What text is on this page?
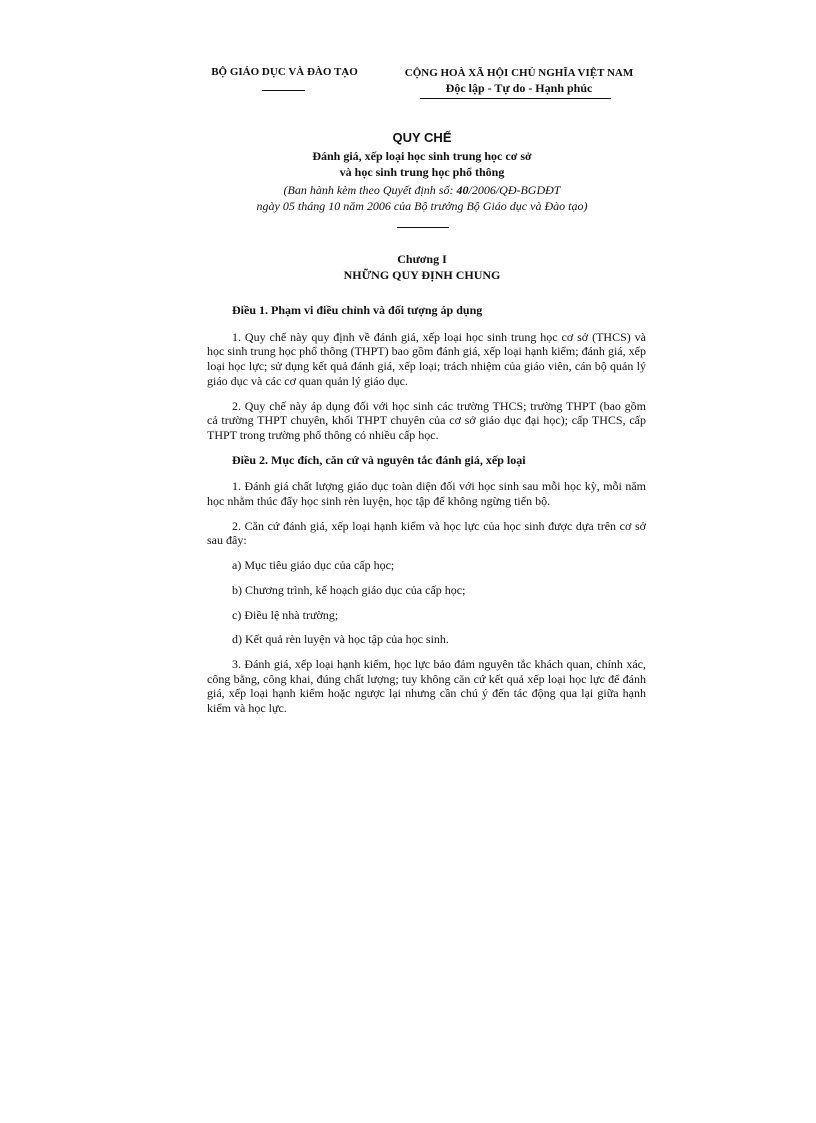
BỘ GIÁO DỤC VÀ ĐÀO TẠO	CỘNG HOÀ XÃ HỘI CHỦ NGHĨA VIỆT NAM
Độc lập - Tự do - Hạnh phúc
QUY CHẾ
Đánh giá, xếp loại học sinh trung học cơ sở
và học sinh trung học phổ thông
(Ban hành kèm theo Quyết định số: 40/2006/QĐ-BGDĐT
ngày 05 tháng 10 năm 2006 của Bộ trưởng Bộ Giáo dục và Đào tạo)
Chương I
NHỮNG QUY ĐỊNH CHUNG

Điều 1. Phạm vi điều chỉnh và đối tượng áp dụng

1. Quy chế này quy định về đánh giá, xếp loại học sinh trung học cơ sở (THCS) và học sinh trung học phổ thông (THPT) bao gồm đánh giá, xếp loại hạnh kiểm; đánh giá, xếp loại học lực; sử dụng kết quả đánh giá, xếp loại; trách nhiệm của giáo viên, cán bộ quản lý giáo dục và các cơ quan quản lý giáo dục.

2. Quy chế này áp dụng đối với học sinh các trường THCS; trường THPT (bao gồm cả trường THPT chuyên, khối THPT chuyên của cơ sở giáo dục đại học); cấp THCS, cấp THPT trong trường phổ thông có nhiều cấp học.

Điều 2. Mục đích, căn cứ và nguyên tắc đánh giá, xếp loại

1. Đánh giá chất lượng giáo dục toàn diện đối với học sinh sau mỗi học kỳ, mỗi năm học nhằm thúc đẩy học sinh rèn luyện, học tập để không ngừng tiến bộ.

2. Căn cứ đánh giá, xếp loại hạnh kiểm và học lực của học sinh được dựa trên cơ sở sau đây:

a) Mục tiêu giáo dục của cấp học;

b) Chương trình, kế hoạch giáo dục của cấp học;

c) Điều lệ nhà trường;

d) Kết quả rèn luyện và học tập của học sinh.

3. Đánh giá, xếp loại hạnh kiểm, học lực bảo đảm nguyên tắc khách quan, chính xác, công bằng, công khai, đúng chất lượng; tuy không căn cứ kết quả xếp loại học lực để đánh giá, xếp loại hạnh kiểm hoặc ngược lại nhưng cần chú ý đến tác động qua lại giữa hạnh kiểm và học lực.
